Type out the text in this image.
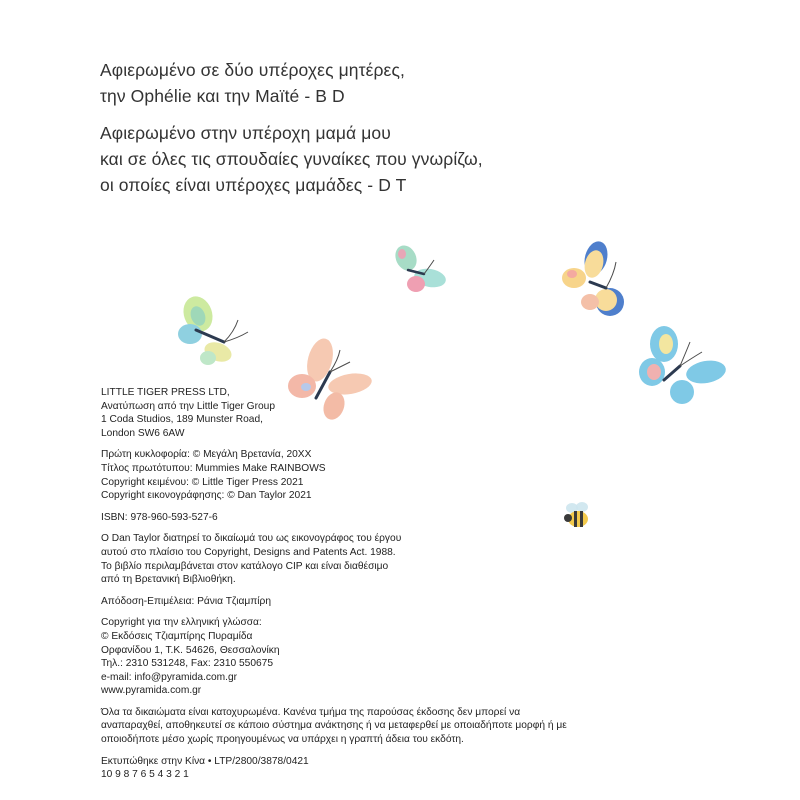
Αφιερωμένο σε δύο υπέροχες μητέρες,

την Ophélie και την Maïté - B D

Αφιερωμένο στην υπέροχη μαμά μου

και σε όλες τις σπουδαίες γυναίκες που γνωρίζω,

οι οποίες είναι υπέροχες μαμάδες - D T

LITTLE TIGER PRESS LTD,

Ανατύπωση από την Little Tiger Group

1 Coda Studios, 189 Munster Road,

London SW6 6AW

Πρώτη κυκλοφορία: © Μεγάλη Βρετανία, 20XX

Τίτλος πρωτότυπου: Mummies Make RAINBOWS

Copyright κειμένου: © Little Tiger Press 2021

Copyright εικονογράφησης: © Dan Taylor 2021

ISBN: 978-960-593-527-6

Ο Dan Taylor διατηρεί το δικαίωμά του ως εικονογράφος του έργου

αυτού στο πλαίσιο του Copyright, Designs and Patents Act. 1988.

Το βιβλίο περιλαμβάνεται στον κατάλογο CIP και είναι διαθέσιμο

από τη Βρετανική Βιβλιοθήκη.

Απόδοση-Επιμέλεια: Ράνια Τζιαμπίρη

Copyright για την ελληνική γλώσσα:

© Εκδόσεις Τζιαμπίρης Πυραμίδα

Ορφανίδου 1, Τ.Κ. 54626, Θεσσαλονίκη

Τηλ.: 2310 531248, Fax: 2310 550675

e-mail: info@pyramida.com.gr

www.pyramida.com.gr

Όλα τα δικαιώματα είναι κατοχυρωμένα. Κανένα τμήμα της παρούσας έκδοσης δεν μπορεί να

αναπαραχθεί, αποθηκευτεί σε κάποιο σύστημα ανάκτησης ή να μεταφερθεί με οποιαδήποτε μορφή ή με

οποιοδήποτε μέσο χωρίς προηγουμένως να υπάρχει η γραπτή άδεια του εκδότη.

Εκτυπώθηκε στην Κίνα • LTP/2800/3878/0421

10 9 8 7 6 5 4 3 2 1
